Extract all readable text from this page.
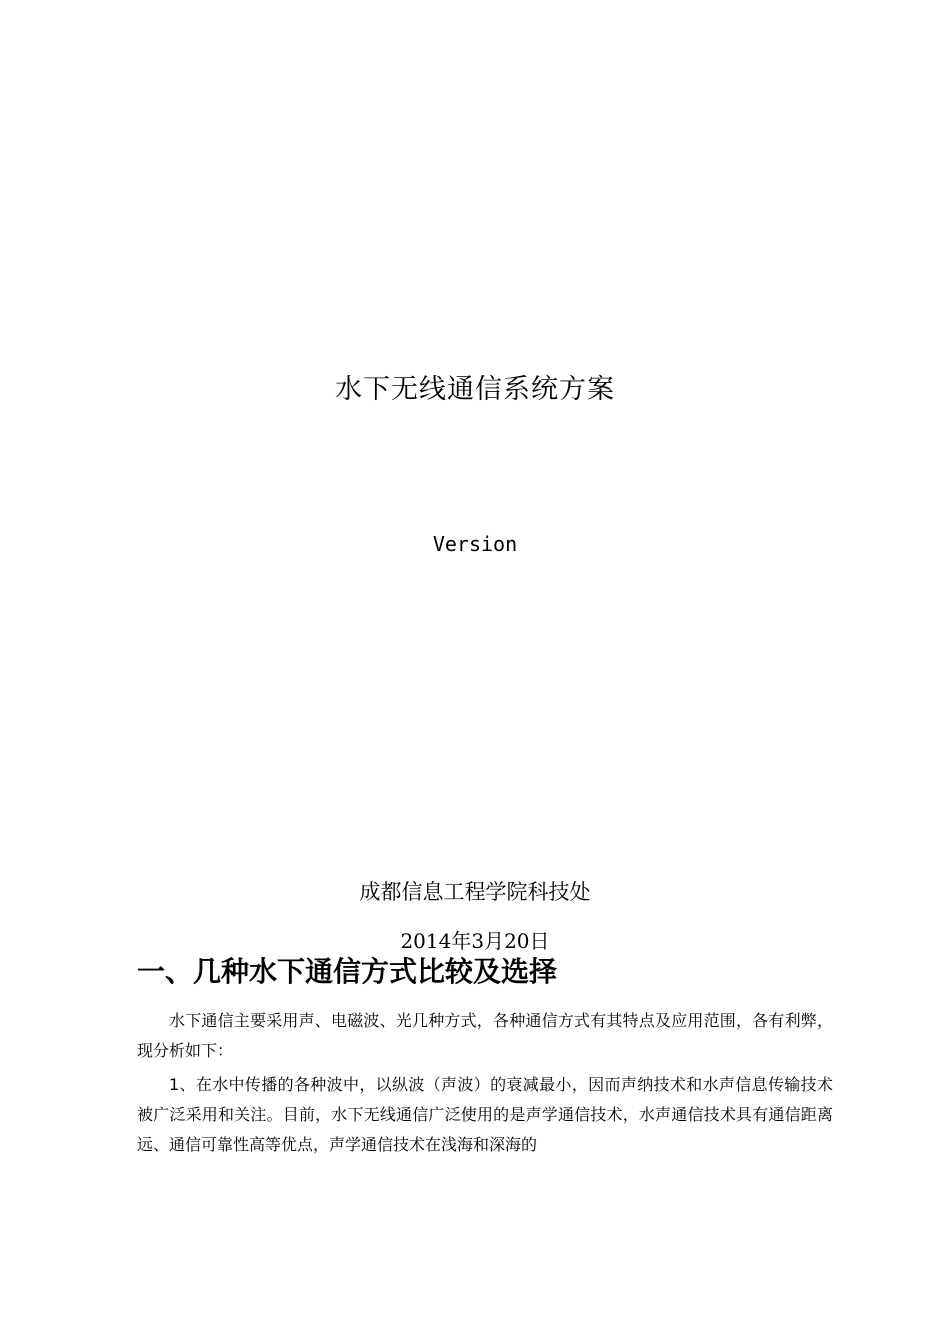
水下无线通信系统方案
Version
成都信息工程学院科技处
2014年3月20日
一、几种水下通信方式比较及选择

水下通信主要采用声、电磁波、光几种方式，各种通信方式有其特点及应用范围，各有利弊，现分析如下：

1、在水中传播的各种波中，以纵波（声波）的衰减最小，因而声纳技术和水声信息传输技术被广泛采用和关注。目前，水下无线通信广泛使用的是声学通信技术，水声通信技术具有通信距离远、通信可靠性高等优点，声学通信技术在浅海和深海的
